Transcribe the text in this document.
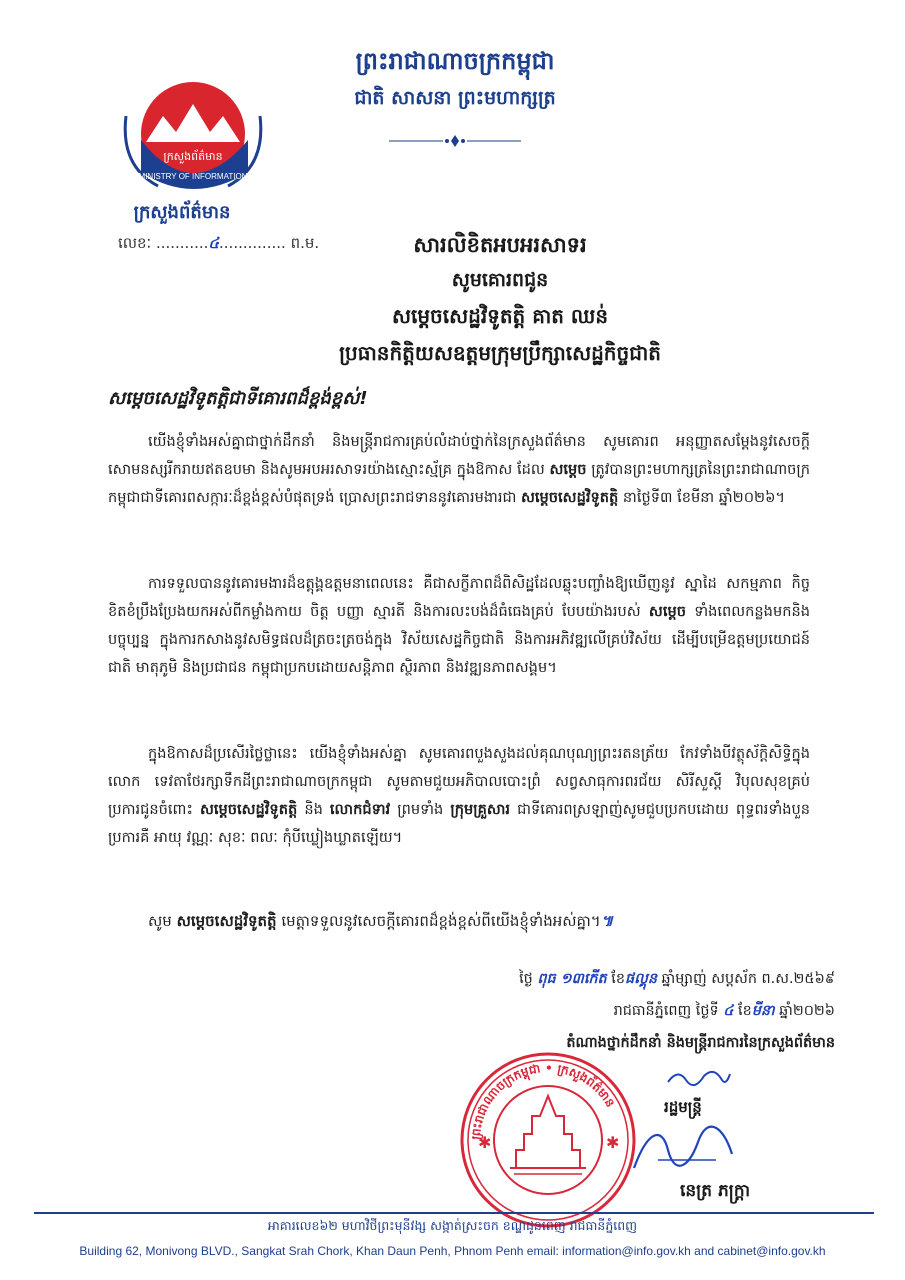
ព្រះរាជាណាចក្រកម្ពុជា
ជាតិ សាសនា ព្រះមហាក្សត្រ
ក្រសួងព័ត៌មាន
MINISTRY OF INFORMATION
ក្រសួងព័ត៌មាន
លេខៈ ...........៤.............. ព.ម.	សារលិខិតអបអរសាទរ
សូមគោរពជូន
សម្តេចសេដ្ឋវិទូតត្តិ គាត ឈន់
ប្រធានកិត្តិយសឧត្តមក្រុមប្រឹក្សាសេដ្ឋកិច្ចជាតិ
សម្តេចសេដ្ឋវិទូតត្តិជាទីគោរពដ៏ខ្ពង់ខ្ពស់!
យើងខ្ញុំទាំងអស់គ្នាជាថ្នាក់ដឹកនាំ និងមន្ត្រីរាជការគ្រប់លំដាប់ថ្នាក់នៃក្រសួងព័ត៌មាន សូមគោរព អនុញ្ញាតសម្តែងនូវសេចក្តីសោមនស្សរីករាយឥតឧបមា និងសូមអបអរសាទរយ៉ាងស្មោះស្ម័គ្រ ក្នុងឱកាស ដែល សម្តេច ត្រូវបានព្រះមហាក្សត្រនៃព្រះរាជាណាចក្រកម្ពុជាជាទីគោរពសក្ការៈដ៏ខ្ពង់ខ្ពស់បំផុតទ្រង់ ប្រោសព្រះរាជទាននូវគោរមងារជា សម្តេចសេដ្ឋវិទូតត្តិ នាថ្ងៃទី៣ ខែមីនា ឆ្នាំ២០២៦។
ការទទួលបាននូវគោរមងារដ៏ឧត្តុង្គឧត្តមនាពេលនេះ គឺជាសក្ខីភាពដ៏ពិសិដ្ឋដែលឆ្លុះបញ្ចាំងឱ្យឃើញនូវ ស្នាដៃ សកម្មភាព កិច្ចខិតខំប្រឹងប្រែងយកអស់ពីកម្លាំងកាយ ចិត្ត បញ្ញា ស្មារតី និងការលះបង់ដ៏ធំធេងគ្រប់ បែបយ៉ាងរបស់ សម្តេច ទាំងពេលកន្លងមកនិងបច្ចុប្បន្ន ក្នុងការកសាងនូវសមិទ្ធផលដ៏ត្រចះត្រចង់ក្នុង វិស័យសេដ្ឋកិច្ចជាតិ និងការអភិវឌ្ឍលើគ្រប់វិស័យ ដើម្បីបម្រើឧត្តមប្រយោជន៍ជាតិ មាតុភូមិ និងប្រជាជន កម្ពុជាប្រកបដោយសន្តិភាព ស្ថិរភាព និងវឌ្ឍនភាពសង្គម។
ក្នុងឱកាសដ៏ប្រសើរថ្លៃថ្លានេះ យើងខ្ញុំទាំងអស់គ្នា សូមគោរពបួងសួងដល់គុណបុណ្យព្រះរតនត្រ័យ កែវទាំងបីវត្ថុស័ក្តិសិទ្ធិក្នុងលោក ទេវតាថែរក្សាទឹកដីព្រះរាជាណាចក្រកម្ពុជា សូមតាមជួយអភិបាលបោះព្រំ សព្វសាធុការពរជ័យ សិរីសួស្តី វិបុលសុខគ្រប់ប្រការជូនចំពោះ សម្តេចសេដ្ឋវិទូតត្តិ និង លោកជំទាវ ព្រមទាំង ក្រុមគ្រួសារ ជាទីគោរពស្រឡាញ់សូមជួបប្រកបដោយ ពុទ្ធពរទាំងបួនប្រការគឺ អាយុ វណ្ណៈ សុខៈ ពលៈ កុំបីឃ្លៀងឃ្លាតឡើយ។
សូម សម្តេចសេដ្ឋវិទូតត្តិ មេត្តាទទួលនូវសេចក្តីគោរពដ៏ខ្ពង់ខ្ពស់ពីយើងខ្ញុំទាំងអស់គ្នា។៕
ថ្ងៃ ពុធ ១៣កើត ខែផល្គុន ឆ្នាំម្សាញ់ សប្តស័ក ព.ស.២៥៦៩
រាជធានីភ្នំពេញ ថ្ងៃទី ៤ ខែមីនា ឆ្នាំ២០២៦
តំណាងថ្នាក់ដឹកនាំ និងមន្ត្រីរាជការនៃក្រសួងព័ត៌មាន
ព្រះរាជាណាចក្រកម្ពុជា • ក្រសួងព័ត៌មាន
✱	✱
រដ្ឋមន្ត្រី
នេត្រ ភក្ត្រា
អាគារលេខ៦២ មហាវិថីព្រះមុនីវង្ស សង្កាត់ស្រះចក ខណ្ឌដូនពេញ រាជធានីភ្នំពេញ
Building 62, Monivong BLVD., Sangkat Srah Chork, Khan Daun Penh, Phnom Penh email: information@info.gov.kh and cabinet@info.gov.kh
